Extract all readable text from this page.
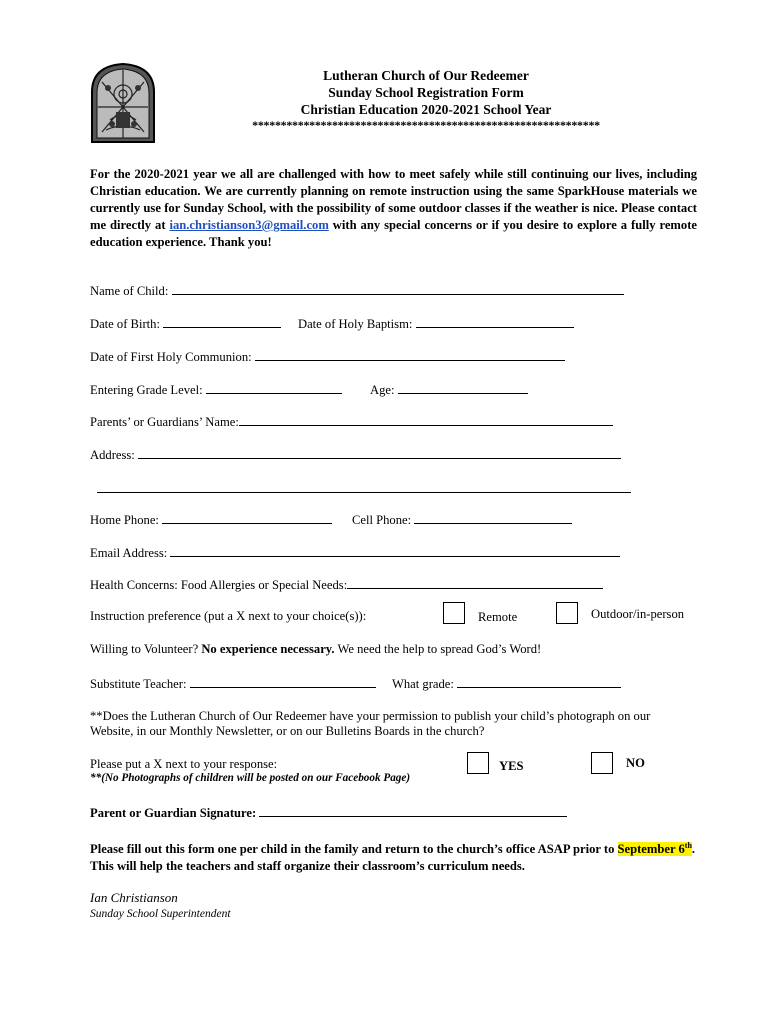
Lutheran Church of Our Redeemer
Sunday School Registration Form
Christian Education 2020-2021 School Year
*************************************************************
For the 2020-2021 year we all are challenged with how to meet safely while still continuing our lives, including Christian education. We are currently planning on remote instruction using the same SparkHouse materials we currently use for Sunday School, with the possibility of some outdoor classes if the weather is nice. Please contact me directly at ian.christianson3@gmail.com with any special concerns or if you desire to explore a fully remote education experience. Thank you!
Name of Child:
Date of Birth:	Date of Holy Baptism:
Date of First Holy Communion:
Entering Grade Level:	Age:
Parents’ or Guardians’ Name:
Address:
Home Phone:	Cell Phone:
Email Address:
Health Concerns: Food Allergies or Special Needs:
Instruction preference (put a X next to your choice(s)):	Remote	Outdoor/in-person
Willing to Volunteer? No experience necessary. We need the help to spread God’s Word!
Substitute Teacher:	What grade:
**Does the Lutheran Church of Our Redeemer have your permission to publish your child’s photograph on our Website, in our Monthly Newsletter, or on our Bulletins Boards in the church?
Please put a X next to your response:
**(No Photographs of children will be posted on our Facebook Page)
YES	NO
Parent or Guardian Signature:
Please fill out this form one per child in the family and return to the church’s office ASAP prior to September 6th. This will help the teachers and staff organize their classroom’s curriculum needs.
Ian Christianson
Sunday School Superintendent
